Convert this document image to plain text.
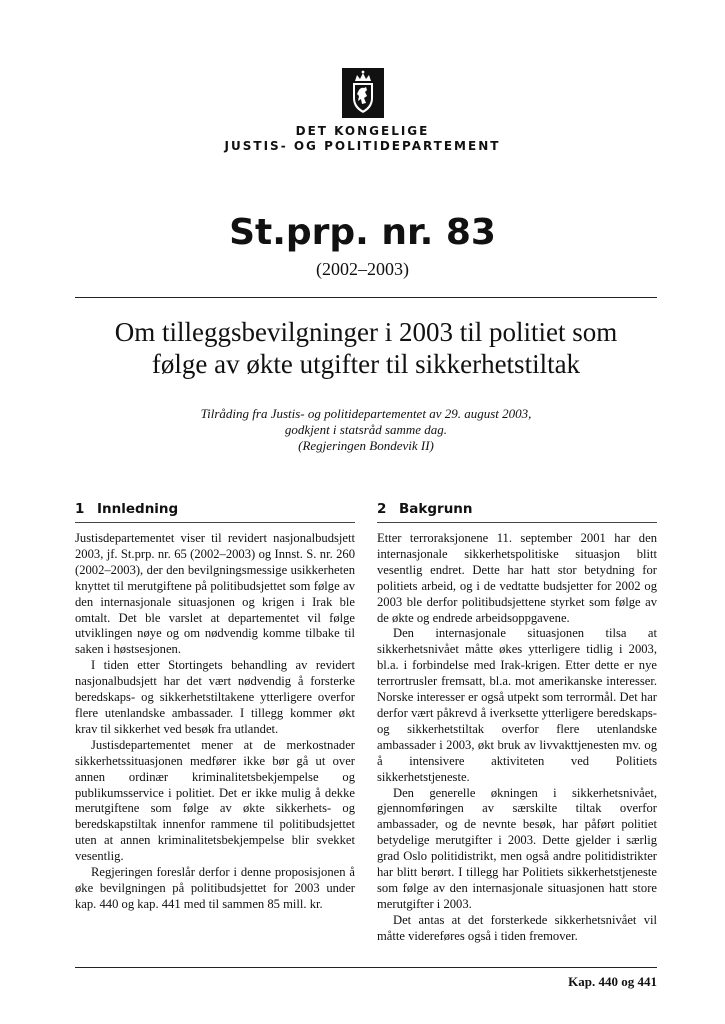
DET KONGELIGE
JUSTIS- OG POLITIDEPARTEMENT
St.prp. nr. 83
(2002–2003)
Om tilleggsbevilgninger i 2003 til politiet som
følge av økte utgifter til sikkerhetstiltak
Tilråding fra Justis- og politidepartementet av 29. august 2003,
godkjent i statsråd samme dag.
(Regjeringen Bondevik II)
1 Innledning

Justisdepartementet viser til revidert nasjonalbudsjett 2003, jf. St.prp. nr. 65 (2002–2003) og Innst. S. nr. 260 (2002–2003), der den bevilgningsmessige usikkerheten knyttet til merutgiftene på politibudsjettet som følge av den internasjonale situasjonen og krigen i Irak ble omtalt. Det ble varslet at departementet vil følge utviklingen nøye og om nødvendig komme tilbake til saken i høstsesjonen.

I tiden etter Stortingets behandling av revidert nasjonalbudsjett har det vært nødvendig å forsterke beredskaps- og sikkerhetstiltakene ytterligere overfor flere utenlandske ambassader. I tillegg kommer økt krav til sikkerhet ved besøk fra utlandet.

Justisdepartementet mener at de merkostnader sikkerhetssituasjonen medfører ikke bør gå ut over annen ordinær kriminalitetsbekjempelse og publikumsservice i politiet. Det er ikke mulig å dekke merutgiftene som følge av økte sikkerhets- og beredskapstiltak innenfor rammene til politibudsjettet uten at annen kriminalitetsbekjempelse blir svekket vesentlig.

Regjeringen foreslår derfor i denne proposisjonen å øke bevilgningen på politibudsjettet for 2003 under kap. 440 og kap. 441 med til sammen 85 mill. kr.

2 Bakgrunn

Etter terroraksjonene 11. september 2001 har den internasjonale sikkerhetspolitiske situasjon blitt vesentlig endret. Dette har hatt stor betydning for politiets arbeid, og i de vedtatte budsjetter for 2002 og 2003 ble derfor politibudsjettene styrket som følge av de økte og endrede arbeidsoppgavene.

Den internasjonale situasjonen tilsa at sikkerhetsnivået måtte økes ytterligere tidlig i 2003, bl.a. i forbindelse med Irak-krigen. Etter dette er nye terrortrusler fremsatt, bl.a. mot amerikanske interesser. Norske interesser er også utpekt som terrormål. Det har derfor vært påkrevd å iverksette ytterligere beredskaps- og sikkerhetstiltak overfor flere utenlandske ambassader i 2003, økt bruk av livvakttjenesten mv. og å intensivere aktiviteten ved Politiets sikkerhetstjeneste.

Den generelle økningen i sikkerhetsnivået, gjennomføringen av særskilte tiltak overfor ambassader, og de nevnte besøk, har påført politiet betydelige merutgifter i 2003. Dette gjelder i særlig grad Oslo politidistrikt, men også andre politidistrikter har blitt berørt. I tillegg har Politiets sikkerhetstjeneste som følge av den internasjonale situasjonen hatt store merutgifter i 2003.

Det antas at det forsterkede sikkerhetsnivået vil måtte videreføres også i tiden fremover.

Kap. 440 og 441
